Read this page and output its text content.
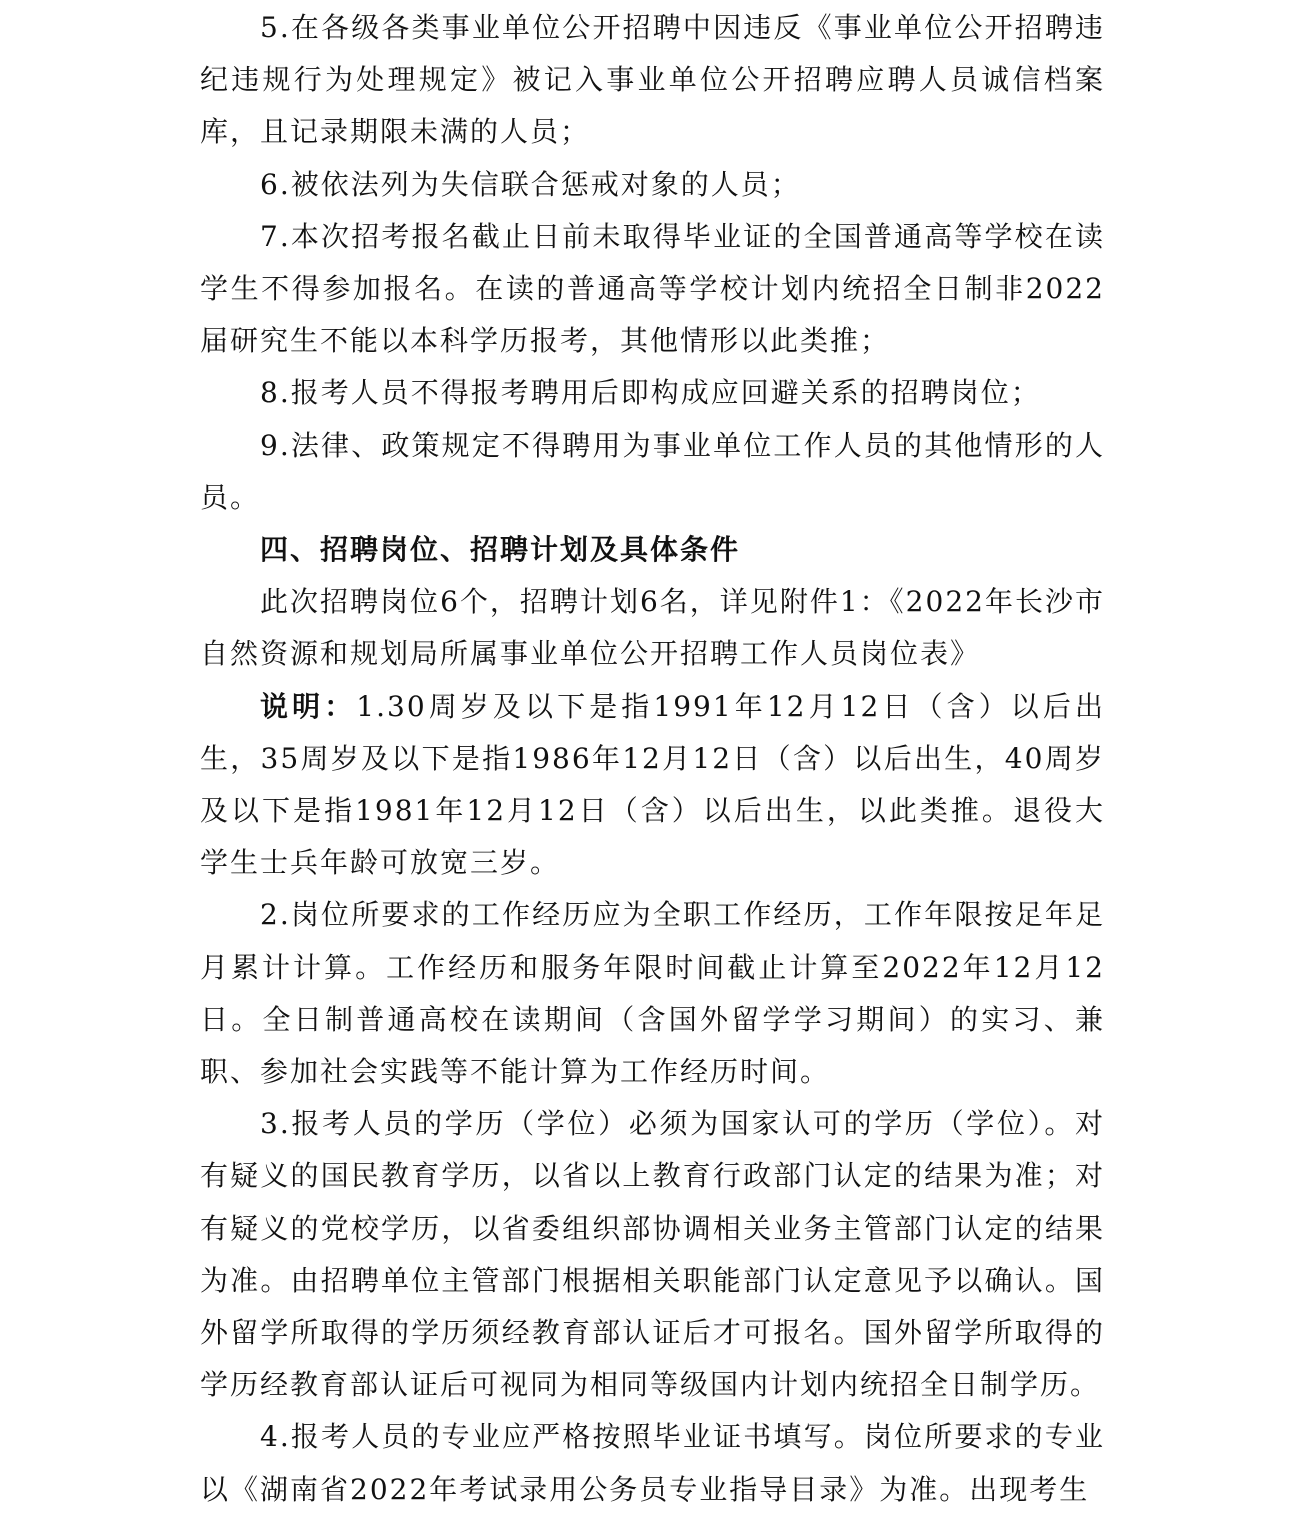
5.在各级各类事业单位公开招聘中因违反《事业单位公开招聘违纪违规行为处理规定》被记入事业单位公开招聘应聘人员诚信档案库，且记录期限未满的人员；

6.被依法列为失信联合惩戒对象的人员；

7.本次招考报名截止日前未取得毕业证的全国普通高等学校在读学生不得参加报名。在读的普通高等学校计划内统招全日制非2022届研究生不能以本科学历报考，其他情形以此类推；

8.报考人员不得报考聘用后即构成应回避关系的招聘岗位；

9.法律、政策规定不得聘用为事业单位工作人员的其他情形的人员。

四、招聘岗位、招聘计划及具体条件

此次招聘岗位6个，招聘计划6名，详见附件1：《2022年长沙市自然资源和规划局所属事业单位公开招聘工作人员岗位表》

说明：1.30周岁及以下是指1991年12月12日（含）以后出生，35周岁及以下是指1986年12月12日（含）以后出生，40周岁及以下是指1981年12月12日（含）以后出生，以此类推。退役大学生士兵年龄可放宽三岁。

2.岗位所要求的工作经历应为全职工作经历，工作年限按足年足月累计计算。工作经历和服务年限时间截止计算至2022年12月12日。全日制普通高校在读期间（含国外留学学习期间）的实习、兼职、参加社会实践等不能计算为工作经历时间。

3.报考人员的学历（学位）必须为国家认可的学历（学位）。对有疑义的国民教育学历，以省以上教育行政部门认定的结果为准；对有疑义的党校学历，以省委组织部协调相关业务主管部门认定的结果为准。由招聘单位主管部门根据相关职能部门认定意见予以确认。国外留学所取得的学历须经教育部认证后才可报名。国外留学所取得的学历经教育部认证后可视同为相同等级国内计划内统招全日制学历。

4.报考人员的专业应严格按照毕业证书填写。岗位所要求的专业以《湖南省2022年考试录用公务员专业指导目录》为准。出现考生
